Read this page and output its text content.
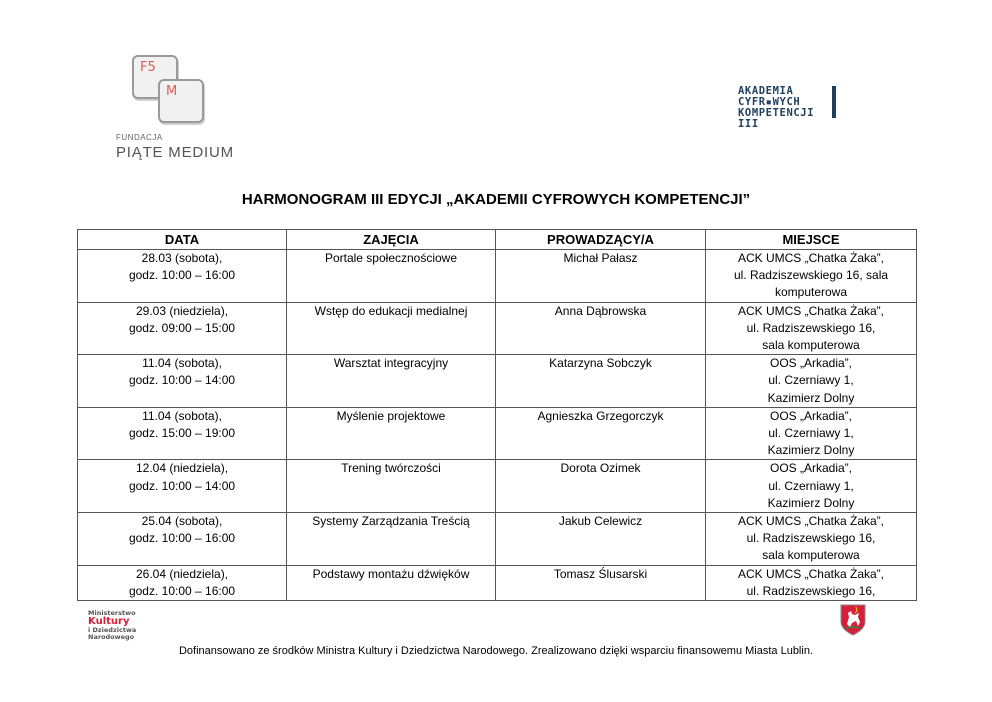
F5
M
FUNDACJA
PIĄTE MEDIUM
AKADEMIA
CYFR▪WYCH
KOMPETENCJI
III
HARMONOGRAM III EDYCJI „AKADEMII CYFROWYCH KOMPETENCJI”
DATA	ZAJĘCIA	PROWADZĄCY/A	MIEJSCE
28.03 (sobota),
godz. 10:00 – 16:00	Portale społecznościowe	Michał Pałasz	ACK UMCS „Chatka Żaka”,
ul. Radziszewskiego 16, sala
komputerowa
29.03 (niedziela),
godz. 09:00 – 15:00	Wstęp do edukacji medialnej	Anna Dąbrowska	ACK UMCS „Chatka Żaka”,
ul. Radziszewskiego 16,
sala komputerowa
11.04 (sobota),
godz. 10:00 – 14:00	Warsztat integracyjny	Katarzyna Sobczyk	OOS „Arkadia”,
ul. Czerniawy 1,
Kazimierz Dolny
11.04 (sobota),
godz. 15:00 – 19:00	Myślenie projektowe	Agnieszka Grzegorczyk	OOS „Arkadia”,
ul. Czerniawy 1,
Kazimierz Dolny
12.04 (niedziela),
godz. 10:00 – 14:00	Trening twórczości	Dorota Ozimek	OOS „Arkadia”,
ul. Czerniawy 1,
Kazimierz Dolny
25.04 (sobota),
godz. 10:00 – 16:00	Systemy Zarządzania Treścią	Jakub Celewicz	ACK UMCS „Chatka Żaka”,
ul. Radziszewskiego 16,
sala komputerowa
26.04 (niedziela),
godz. 10:00 – 16:00	Podstawy montażu dźwięków	Tomasz Ślusarski	ACK UMCS „Chatka Żaka”,
ul. Radziszewskiego 16,
Ministerstwo
Kultury
i Dziedzictwa
Narodowego
Dofinansowano ze środków Ministra Kultury i Dziedzictwa Narodowego. Zrealizowano dzięki wsparciu finansowemu Miasta Lublin.
